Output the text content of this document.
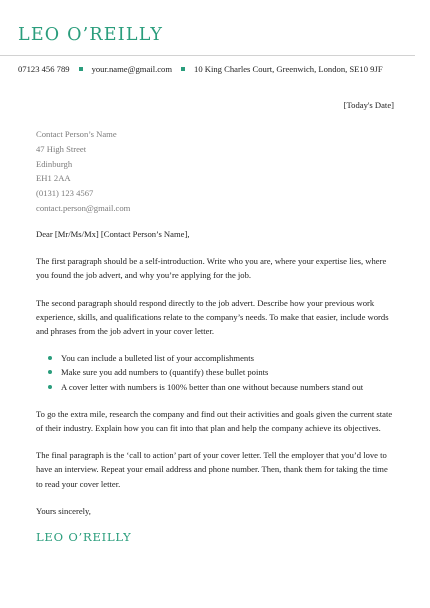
LEO O’REILLY
07123 456 789	your.name@gmail.com	10 King Charles Court, Greenwich, London, SE10 9JF
[Today's Date]
Contact Person’s Name
47 High Street
Edinburgh
EH1 2AA
(0131) 123 4567
contact.person@gmail.com

Dear [Mr/Ms/Mx] [Contact Person’s Name],

The first paragraph should be a self-introduction. Write who you are, where your expertise lies, where you found the job advert, and why you’re applying for the job.

The second paragraph should respond directly to the job advert. Describe how your previous work experience, skills, and qualifications relate to the company’s needs. To make that easier, include words and phrases from the job advert in your cover letter.

You can include a bulleted list of your accomplishments
Make sure you add numbers to (quantify) these bullet points
A cover letter with numbers is 100% better than one without because numbers stand out

To go the extra mile, research the company and find out their activities and goals given the current state of their industry. Explain how you can fit into that plan and help the company achieve its objectives.

The final paragraph is the ‘call to action’ part of your cover letter. Tell the employer that you’d love to have an interview. Repeat your email address and phone number. Then, thank them for taking the time to read your cover letter.

Yours sincerely,

LEO O’REILLY
